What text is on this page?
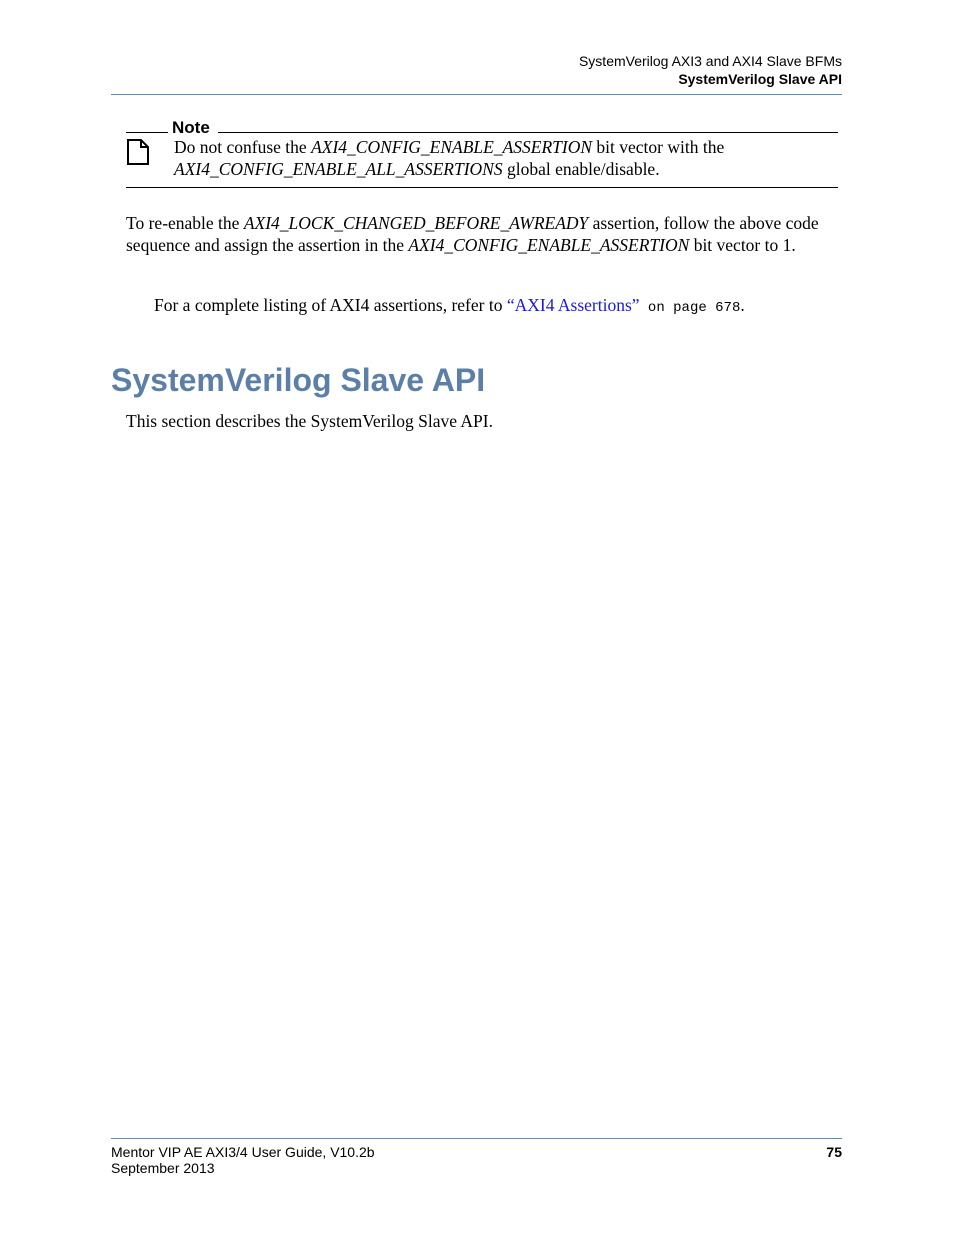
SystemVerilog AXI3 and AXI4 Slave BFMs
SystemVerilog Slave API
Note
Do not confuse the AXI4_CONFIG_ENABLE_ASSERTION bit vector with the AXI4_CONFIG_ENABLE_ALL_ASSERTIONS global enable/disable.
To re-enable the AXI4_LOCK_CHANGED_BEFORE_AWREADY assertion, follow the above code sequence and assign the assertion in the AXI4_CONFIG_ENABLE_ASSERTION bit vector to 1.
For a complete listing of AXI4 assertions, refer to “AXI4 Assertions” on page 678.
SystemVerilog Slave API
This section describes the SystemVerilog Slave API.
Mentor VIP AE AXI3/4 User Guide, V10.2b
September 2013
75
